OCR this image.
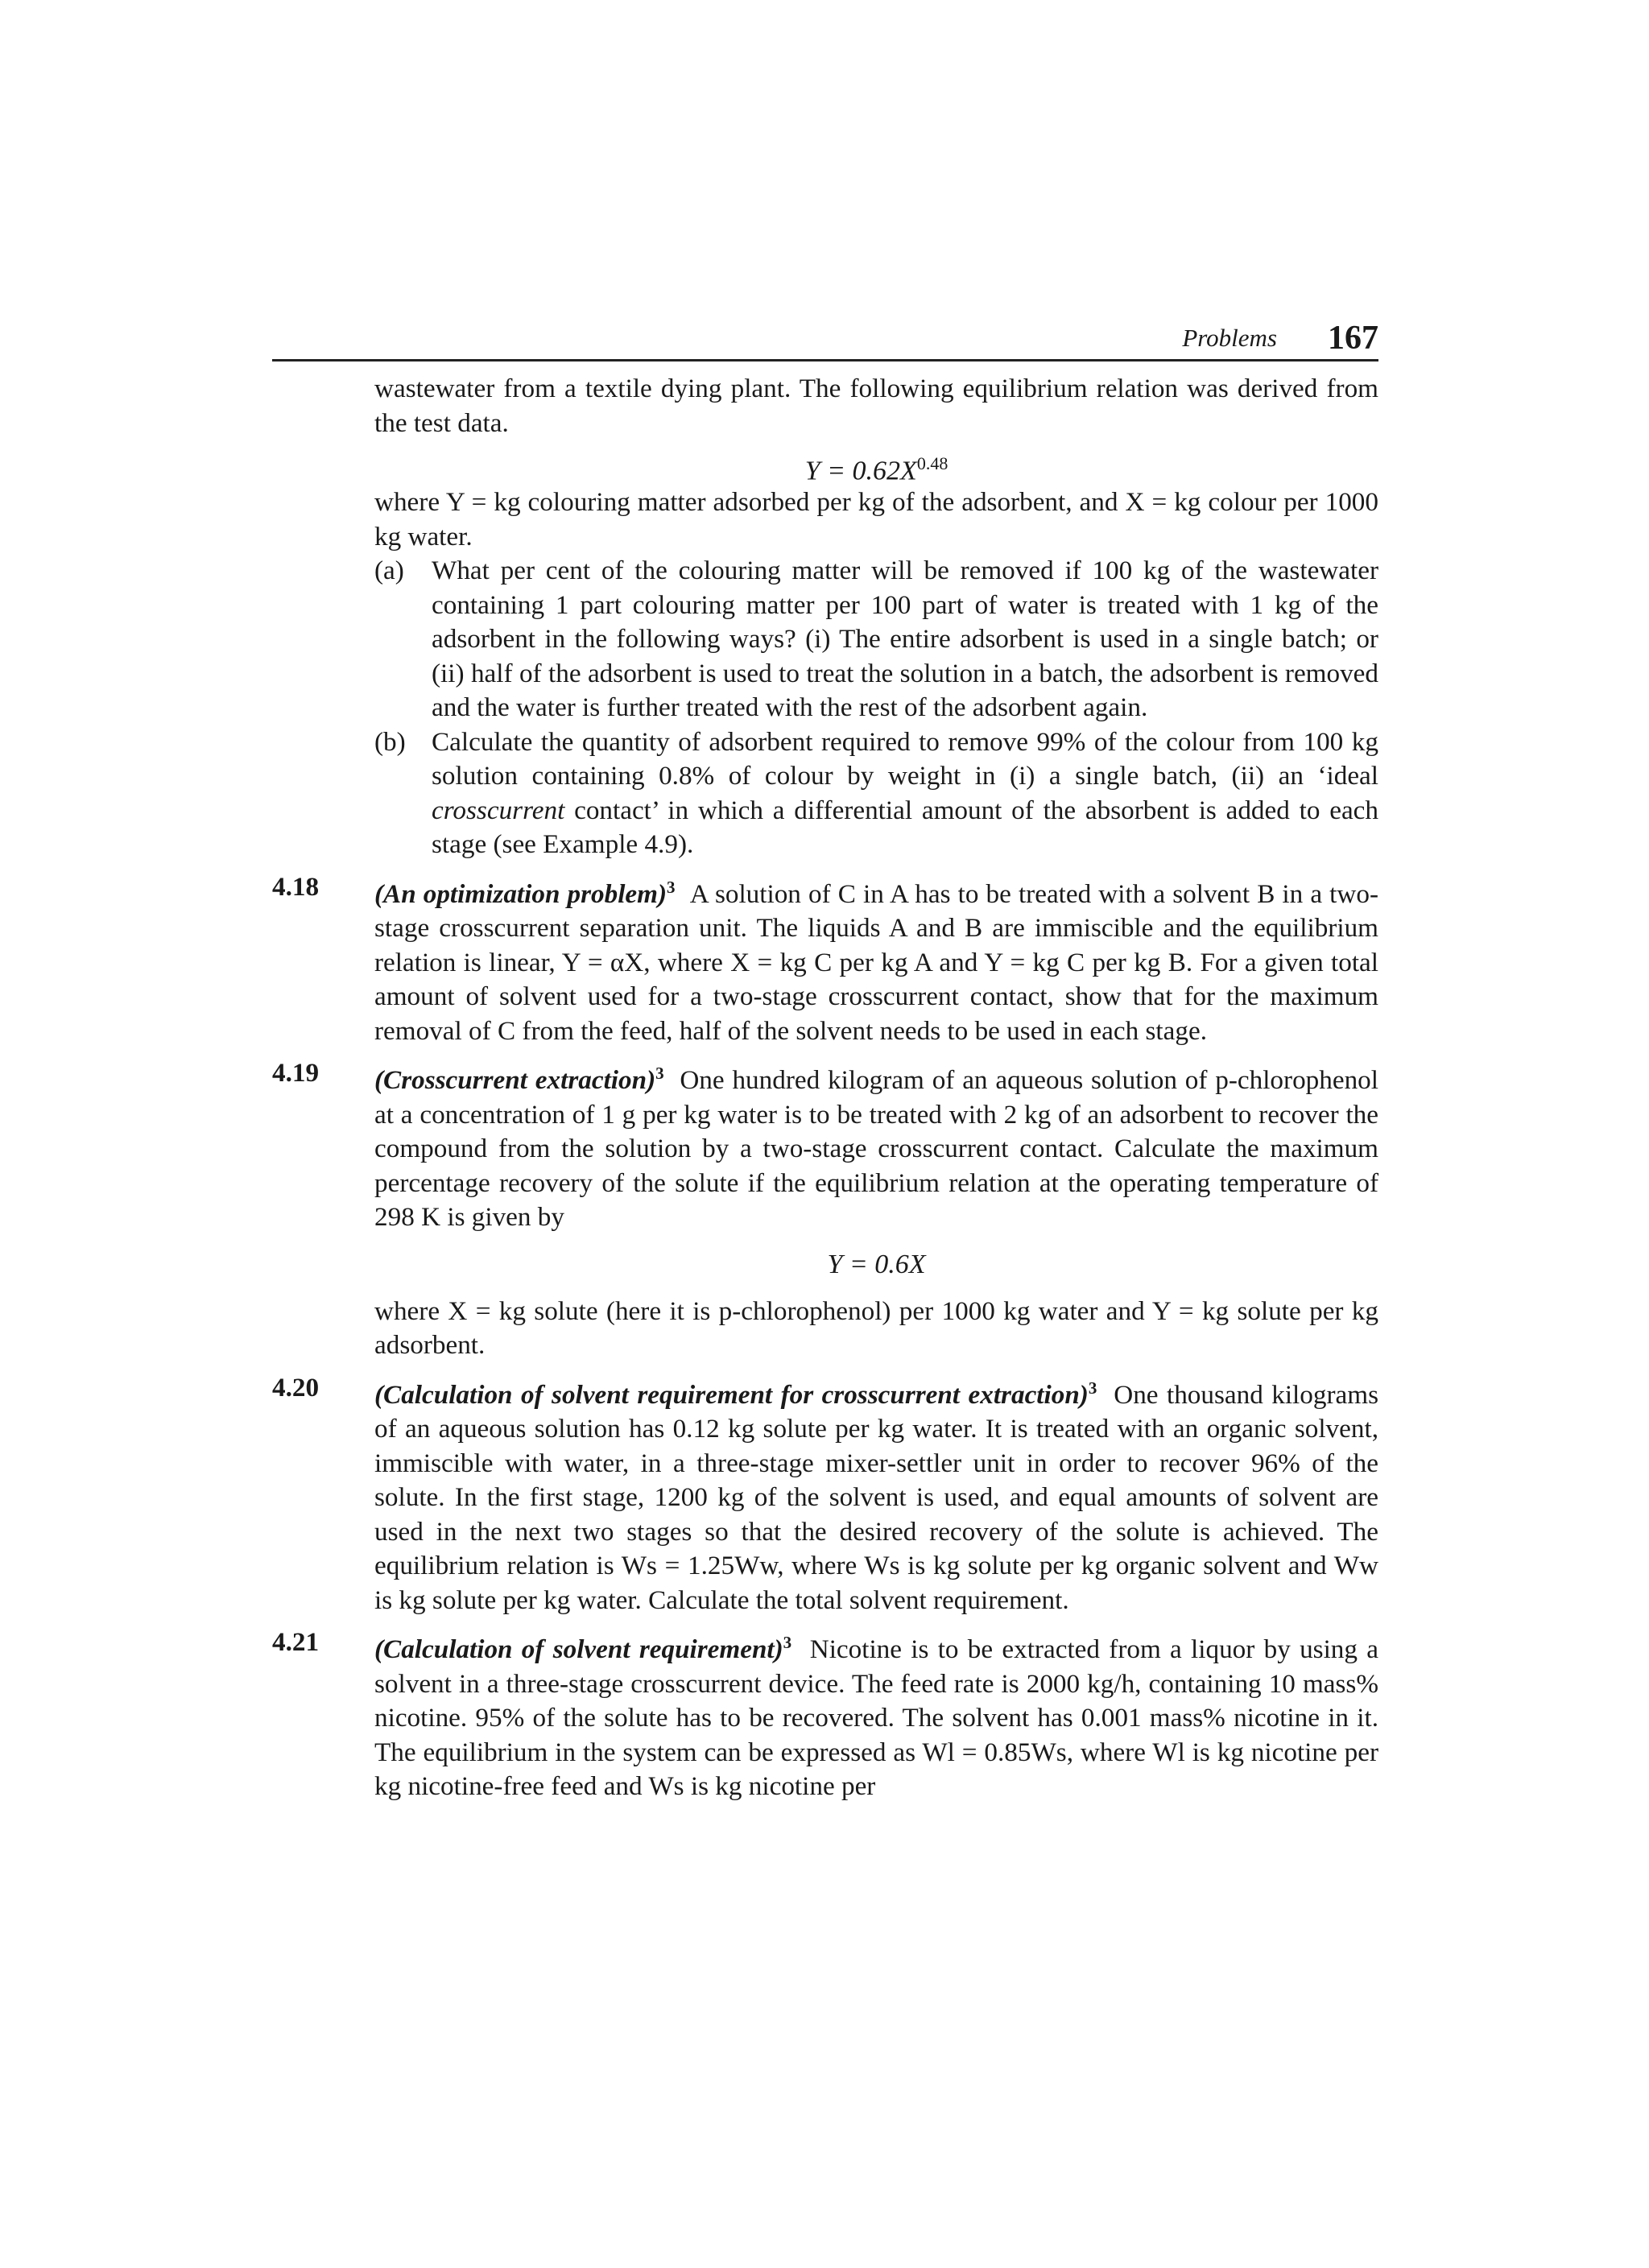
Problems 167

wastewater from a textile dying plant. The following equilibrium relation was derived from the test data.

$Y = 0.62X^{0.48}$

where Y = kg colouring matter adsorbed per kg of the adsorbent, and X = kg colour per 1000 kg water.

(a) What per cent of the colouring matter will be removed if 100 kg of the wastewater containing 1 part colouring matter per 100 part of water is treated with 1 kg of the adsorbent in the following ways? (i) The entire adsorbent is used in a single batch; or (ii) half of the adsorbent is used to treat the solution in a batch, the adsorbent is removed and the water is further treated with the rest of the adsorbent again.
(b) Calculate the quantity of adsorbent required to remove 99% of the colour from 100 kg solution containing 0.8% of colour by weight in (i) a single batch, (ii) an ‘ideal crosscurrent contact’ in which a differential amount of the absorbent is added to each stage (see Example 4.9).
4.18 (An optimization problem)$^3$ A solution of C in A has to be treated with a solvent B in a two-stage crosscurrent separation unit. The liquids A and B are immiscible and the equilibrium relation is linear, Y = αX, where X = kg C per kg A and Y = kg C per kg B. For a given total amount of solvent used for a two-stage crosscurrent contact, show that for the maximum removal of C from the feed, half of the solvent needs to be used in each stage.

4.19 (Crosscurrent extraction)$^3$ One hundred kilogram of an aqueous solution of p-chlorophenol at a concentration of 1 g per kg water is to be treated with 2 kg of an adsorbent to recover the compound from the solution by a two-stage crosscurrent contact. Calculate the maximum percentage recovery of the solute if the equilibrium relation at the operating temperature of 298 K is given by

Y = 0.6X

where X = kg solute (here it is p-chlorophenol) per 1000 kg water and Y = kg solute per kg adsorbent.

4.20 (Calculation of solvent requirement for crosscurrent extraction)$^3$ One thousand kilograms of an aqueous solution has 0.12 kg solute per kg water. It is treated with an organic solvent, immiscible with water, in a three-stage mixer-settler unit in order to recover 96% of the solute. In the first stage, 1200 kg of the solvent is used, and equal amounts of solvent are used in the next two stages so that the desired recovery of the solute is achieved. The equilibrium relation is Ws = 1.25Ww, where Ws is kg solute per kg organic solvent and Ww is kg solute per kg water. Calculate the total solvent requirement.

4.21 (Calculation of solvent requirement)$^3$ Nicotine is to be extracted from a liquor by using a solvent in a three-stage crosscurrent device. The feed rate is 2000 kg/h, containing 10 mass% nicotine. 95% of the solute has to be recovered. The solvent has 0.001 mass% nicotine in it. The equilibrium in the system can be expressed as Wl = 0.85Ws, where Wl is kg nicotine per kg nicotine-free feed and Ws is kg nicotine per
